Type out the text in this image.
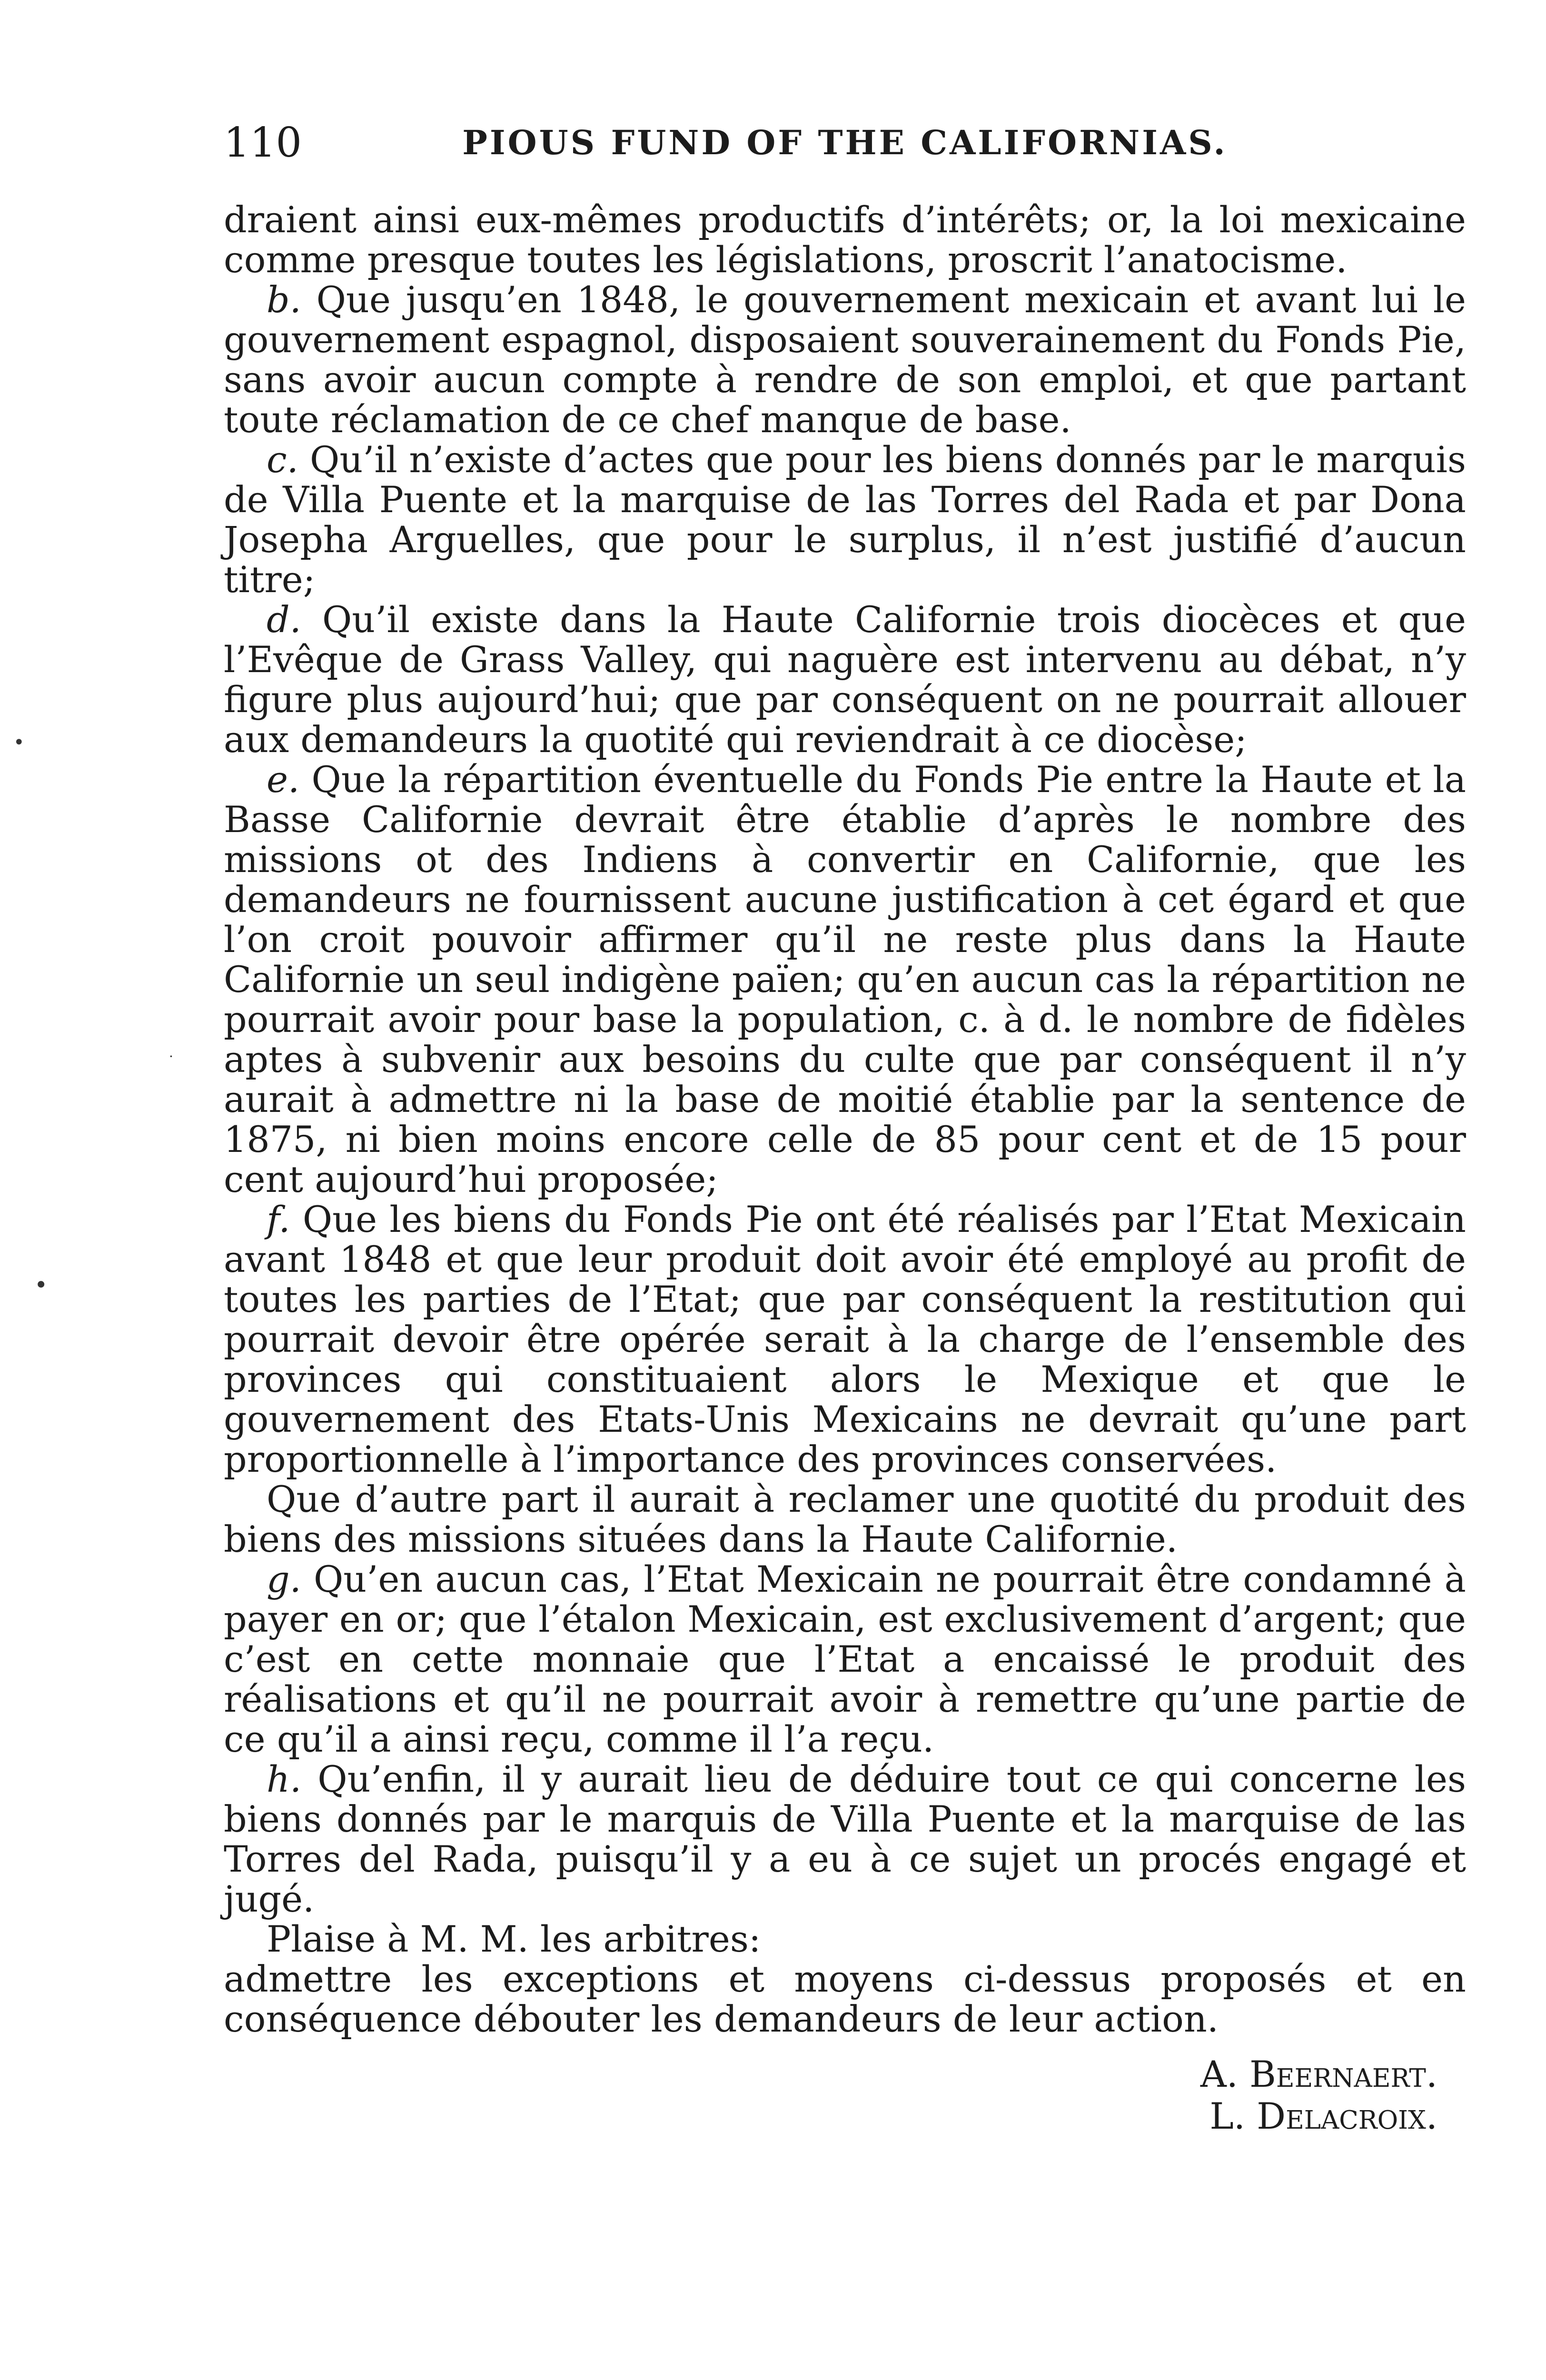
110	PIOUS FUND OF THE CALIFORNIAS.

draient ainsi eux-mêmes productifs d’intérêts; or, la loi mexicaine comme presque toutes les législations, proscrit l’anatocisme.

b. Que jusqu’en 1848, le gouvernement mexicain et avant lui le gouvernement espagnol, disposaient souverainement du Fonds Pie, sans avoir aucun compte à rendre de son emploi, et que partant toute réclamation de ce chef manque de base.

c. Qu’il n’existe d’actes que pour les biens donnés par le marquis de Villa Puente et la marquise de las Torres del Rada et par Dona Josepha Arguelles, que pour le surplus, il n’est justifié d’aucun titre;

d. Qu’il existe dans la Haute Californie trois diocèces et que l’Evêque de Grass Valley, qui naguère est intervenu au débat, n’y figure plus aujourd’hui; que par conséquent on ne pourrait allouer aux demandeurs la quotité qui reviendrait à ce diocèse;

e. Que la répartition éventuelle du Fonds Pie entre la Haute et la Basse Californie devrait être établie d’après le nombre des missions ot des Indiens à convertir en Californie, que les demandeurs ne fournissent aucune justification à cet égard et que l’on croit pouvoir affirmer qu’il ne reste plus dans la Haute Californie un seul indigène païen; qu’en aucun cas la répartition ne pourrait avoir pour base la population, c. à d. le nombre de fidèles aptes à subvenir aux besoins du culte que par conséquent il n’y aurait à admettre ni la base de moitié établie par la sentence de 1875, ni bien moins encore celle de 85 pour cent et de 15 pour cent aujourd’hui proposée;

f. Que les biens du Fonds Pie ont été réalisés par l’Etat Mexicain avant 1848 et que leur produit doit avoir été employé au profit de toutes les parties de l’Etat; que par conséquent la restitution qui pourrait devoir être opérée serait à la charge de l’ensemble des provinces qui constituaient alors le Mexique et que le gouvernement des Etats-Unis Mexicains ne devrait qu’une part proportionnelle à l’importance des provinces conservées.

Que d’autre part il aurait à reclamer une quotité du produit des biens des missions situées dans la Haute Californie.

g. Qu’en aucun cas, l’Etat Mexicain ne pourrait être condamné à payer en or; que l’étalon Mexicain, est exclusivement d’argent; que c’est en cette monnaie que l’Etat a encaissé le produit des réalisations et qu’il ne pourrait avoir à remettre qu’une partie de ce qu’il a ainsi reçu, comme il l’a reçu.

h. Qu’enfin, il y aurait lieu de déduire tout ce qui concerne les biens donnés par le marquis de Villa Puente et la marquise de las Torres del Rada, puisqu’il y a eu à ce sujet un procés engagé et jugé.

Plaise à M. M. les arbitres:

admettre les exceptions et moyens ci-dessus proposés et en conséquence débouter les demandeurs de leur action.

A. Beernaert.
L. Delacroix.
•
·
•
